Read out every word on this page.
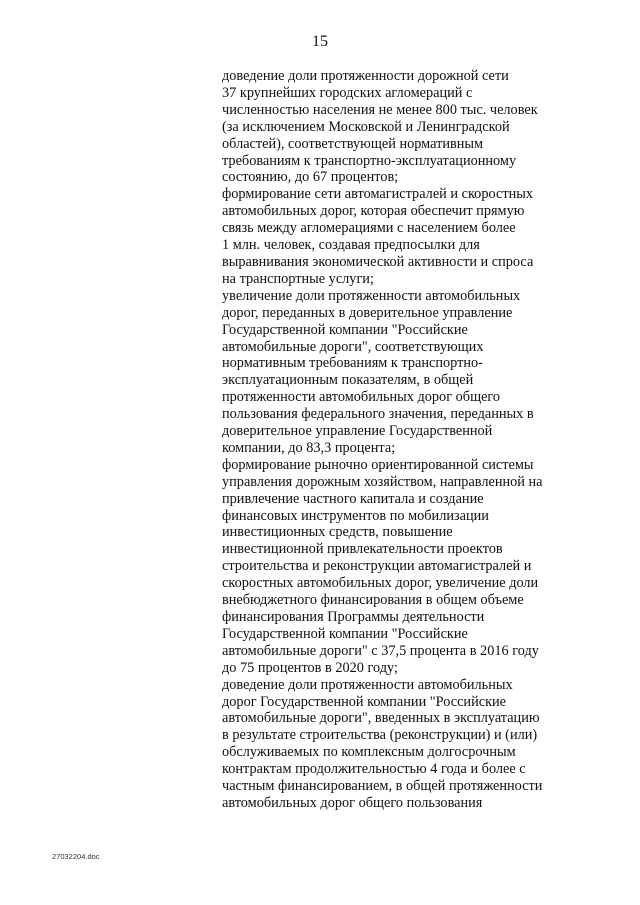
15
доведение доли протяженности дорожной сети
37 крупнейших городских агломераций с
численностью населения не менее 800 тыс. человек
(за исключением Московской и Ленинградской
областей), соответствующей нормативным
требованиям к транспортно-эксплуатационному
состоянию, до 67 процентов;
формирование сети автомагистралей и скоростных
автомобильных дорог, которая обеспечит прямую
связь между агломерациями с населением более
1 млн. человек, создавая предпосылки для
выравнивания экономической активности и спроса
на транспортные услуги;
увеличение доли протяженности автомобильных
дорог, переданных в доверительное управление
Государственной компании "Российские
автомобильные дороги", соответствующих
нормативным требованиям к транспортно-
эксплуатационным показателям, в общей
протяженности автомобильных дорог общего
пользования федерального значения, переданных в
доверительное управление Государственной
компании, до 83,3 процента;
формирование рыночно ориентированной системы
управления дорожным хозяйством, направленной на
привлечение частного капитала и создание
финансовых инструментов по мобилизации
инвестиционных средств, повышение
инвестиционной привлекательности проектов
строительства и реконструкции автомагистралей и
скоростных автомобильных дорог, увеличение доли
внебюджетного финансирования в общем объеме
финансирования Программы деятельности
Государственной компании "Российские
автомобильные дороги" с 37,5 процента в 2016 году
до 75 процентов в 2020 году;
доведение доли протяженности автомобильных
дорог Государственной компании "Российские
автомобильные дороги", введенных в эксплуатацию
в результате строительства (реконструкции) и (или)
обслуживаемых по комплексным долгосрочным
контрактам продолжительностью 4 года и более с
частным финансированием, в общей протяженности
автомобильных дорог общего пользования
27032204.doc
